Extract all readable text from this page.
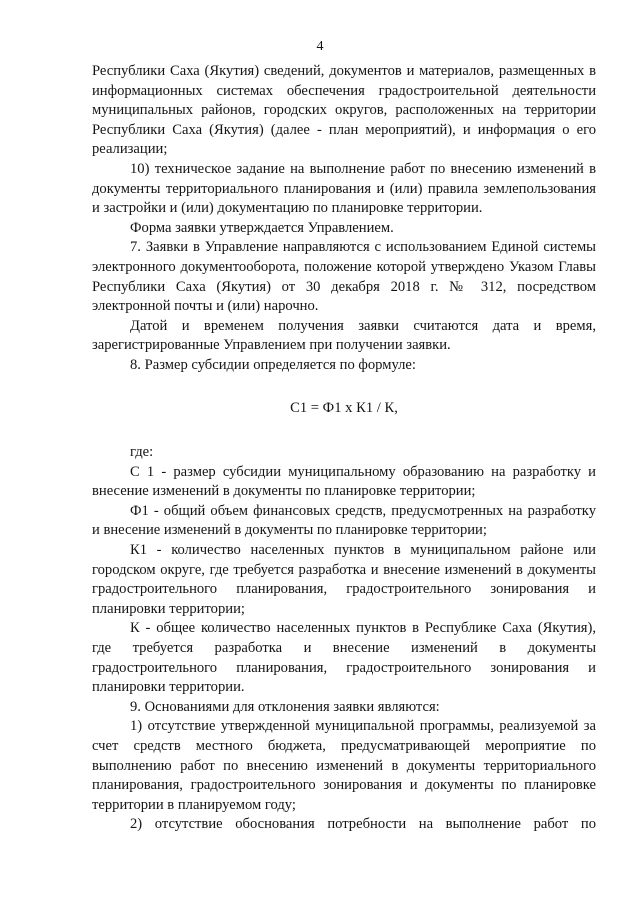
4

Республики Саха (Якутия) сведений, документов и материалов, размещенных в информационных системах обеспечения градостроительной деятельности муниципальных районов, городских округов, расположенных на территории Республики Саха (Якутия) (далее - план мероприятий), и информация о его реализации;

10) техническое задание на выполнение работ по внесению изменений в документы территориального планирования и (или) правила землепользования и застройки и (или) документацию по планировке территории.

Форма заявки утверждается Управлением.

7. Заявки в Управление направляются с использованием Единой системы электронного документооборота, положение которой утверждено Указом Главы Республики Саха (Якутия) от 30 декабря 2018 г. № 312, посредством электронной почты и (или) нарочно.

Датой и временем получения заявки считаются дата и время, зарегистрированные Управлением при получении заявки.

8. Размер субсидии определяется по формуле:

С1 = Ф1 х К1 / К,

где:

С 1 - размер субсидии муниципальному образованию на разработку и внесение изменений в документы по планировке территории;

Ф1 - общий объем финансовых средств, предусмотренных на разработку и внесение изменений в документы по планировке территории;

К1 - количество населенных пунктов в муниципальном районе или городском округе, где требуется разработка и внесение изменений в документы градостроительного планирования, градостроительного зонирования и планировки территории;

К - общее количество населенных пунктов в Республике Саха (Якутия), где требуется разработка и внесение изменений в документы градостроительного планирования, градостроительного зонирования и планировки территории.

9. Основаниями для отклонения заявки являются:

1) отсутствие утвержденной муниципальной программы, реализуемой за счет средств местного бюджета, предусматривающей мероприятие по выполнению работ по внесению изменений в документы территориального планирования, градостроительного зонирования и документы по планировке территории в планируемом году;

2) отсутствие обоснования потребности на выполнение работ по
